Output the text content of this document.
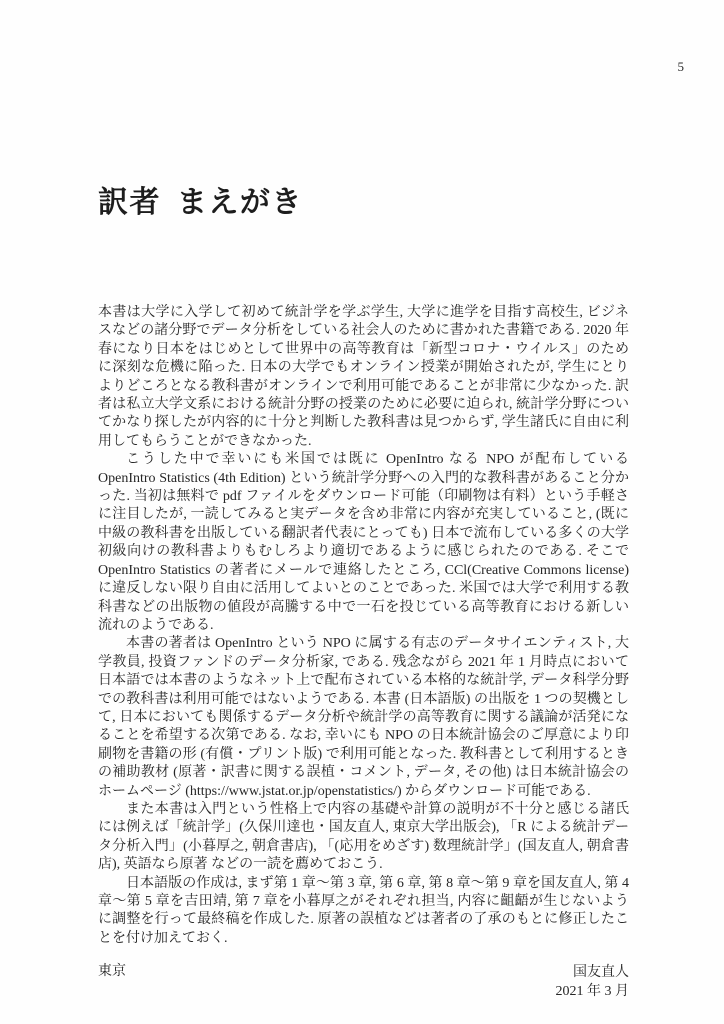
5
訳者 まえがき

本書は大学に入学して初めて統計学を学ぶ学生, 大学に進学を目指す高校生, ビジネスなどの諸分野でデータ分析をしている社会人のために書かれた書籍である. 2020 年春になり日本をはじめとして世界中の高等教育は「新型コロナ・ウイルス」のために深刻な危機に陥った. 日本の大学でもオンライン授業が開始されたが, 学生にとりよりどころとなる教科書がオンラインで利用可能であることが非常に少なかった. 訳者は私立大学文系における統計分野の授業のために必要に迫られ, 統計学分野についてかなり探したが内容的に十分と判断した教科書は見つからず, 学生諸氏に自由に利用してもらうことができなかった.

こうした中で幸いにも米国では既に OpenIntro なる NPO が配布している OpenIntro Statistics (4th Edition) という統計学分野への入門的な教科書があること分かった. 当初は無料で pdf ファイルをダウンロード可能（印刷物は有料）という手軽さに注目したが, 一読してみると実データを含め非常に内容が充実していること, (既に中級の教科書を出版している翻訳者代表にとっても) 日本で流布している多くの大学初級向けの教科書よりもむしろより適切であるように感じられたのである. そこで OpenIntro Statistics の著者にメールで連絡したところ, CCl(Creative Commons license) に違反しない限り自由に活用してよいとのことであった. 米国では大学で利用する教科書などの出版物の値段が高騰する中で一石を投じている高等教育における新しい流れのようである.

本書の著者は OpenIntro という NPO に属する有志のデータサイエンティスト, 大学教員, 投資ファンドのデータ分析家, である. 残念ながら 2021 年 1 月時点において日本語では本書のようなネット上で配布されている本格的な統計学, データ科学分野での教科書は利用可能ではないようである. 本書 (日本語版) の出版を 1 つの契機として, 日本においても関係するデータ分析や統計学の高等教育に関する議論が活発になることを希望する次第である. なお, 幸いにも NPO の日本統計協会のご厚意により印刷物を書籍の形 (有償・プリント版) で利用可能となった. 教科書として利用するときの補助教材 (原著・訳書に関する誤植・コメント, データ, その他) は日本統計協会のホームページ (https://www.jstat.or.jp/openstatistics/) からダウンロード可能である.

また本書は入門という性格上で内容の基礎や計算の説明が不十分と感じる諸氏には例えば「統計学」(久保川達也・国友直人, 東京大学出版会), 「R による統計データ分析入門」(小暮厚之, 朝倉書店), 「(応用をめざす) 数理統計学」(国友直人, 朝倉書店), 英語なら原著 などの一読を薦めておこう.

日本語版の作成は, まず第 1 章〜第 3 章, 第 6 章, 第 8 章〜第 9 章を国友直人, 第 4 章〜第 5 章を吉田靖, 第 7 章を小暮厚之がそれぞれ担当, 内容に齟齬が生じないように調整を行って最終稿を作成した. 原著の誤植などは著者の了承のもとに修正したことを付け加えておく.

東京	国友直人
2021 年 3 月
